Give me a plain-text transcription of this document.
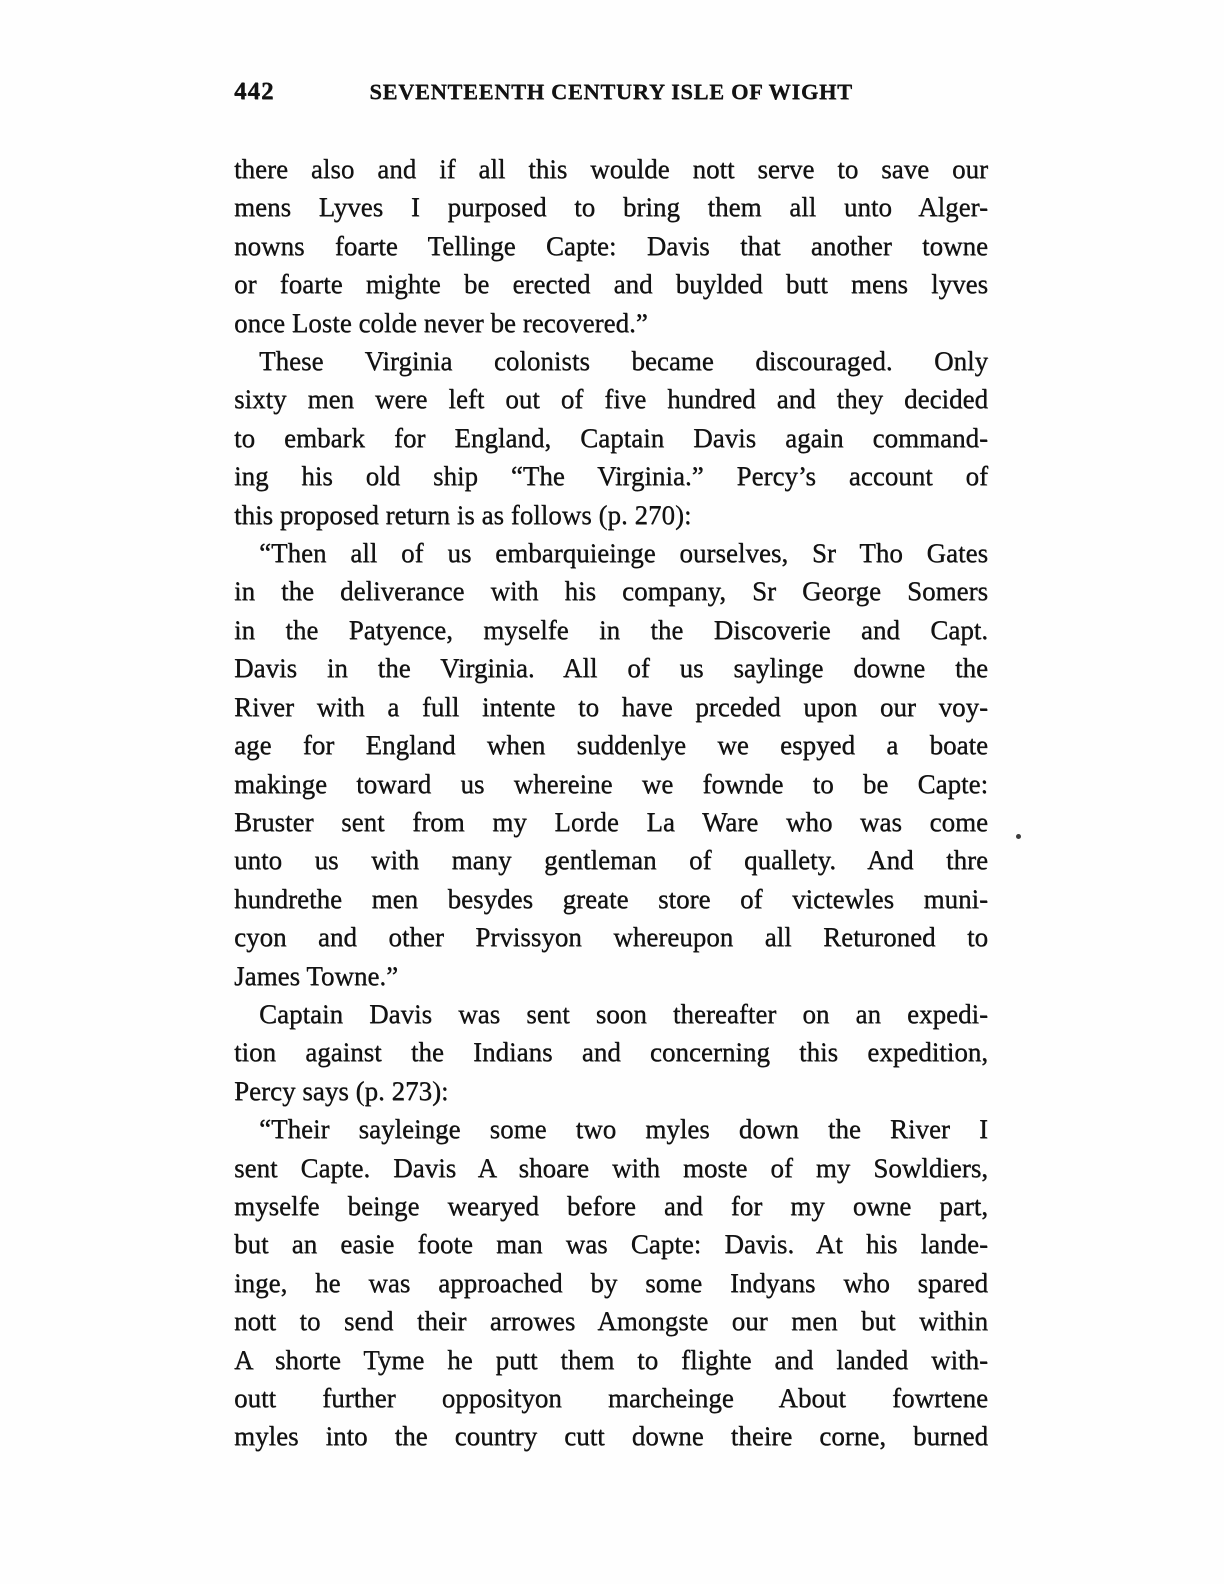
442	SEVENTEENTH CENTURY ISLE OF WIGHT
there also and if all this woulde nott serve to save our
mens Lyves I purposed to bring them all unto Alger-
nowns foarte Tellinge Capte: Davis that another towne
or foarte mighte be erected and buylded butt mens lyves
once Loste colde never be recovered.”
These Virginia colonists became discouraged. Only
sixty men were left out of five hundred and they decided
to embark for England, Captain Davis again command-
ing his old ship “The Virginia.” Percy’s account of
this proposed return is as follows (p. 270):
“Then all of us embarquieinge ourselves, Sr Tho Gates
in the deliverance with his company, Sr George Somers
in the Patyence, myselfe in the Discoverie and Capt.
Davis in the Virginia. All of us saylinge downe the
River with a full intente to have prceded upon our voy-
age for England when suddenlye we espyed a boate
makinge toward us whereine we fownde to be Capte:
Bruster sent from my Lorde La Ware who was come
unto us with many gentleman of quallety. And thre
hundrethe men besydes greate store of victewles muni-
cyon and other Prvissyon whereupon all Returoned to
James Towne.”
Captain Davis was sent soon thereafter on an expedi-
tion against the Indians and concerning this expedition,
Percy says (p. 273):
“Their sayleinge some two myles down the River I
sent Capte. Davis A shoare with moste of my Sowldiers,
myselfe beinge wearyed before and for my owne part,
but an easie foote man was Capte: Davis. At his lande-
inge, he was approached by some Indyans who spared
nott to send their arrowes Amongste our men but within
A shorte Tyme he putt them to flighte and landed with-
outt further opposityon marcheinge About fowrtene
myles into the country cutt downe theire corne, burned
